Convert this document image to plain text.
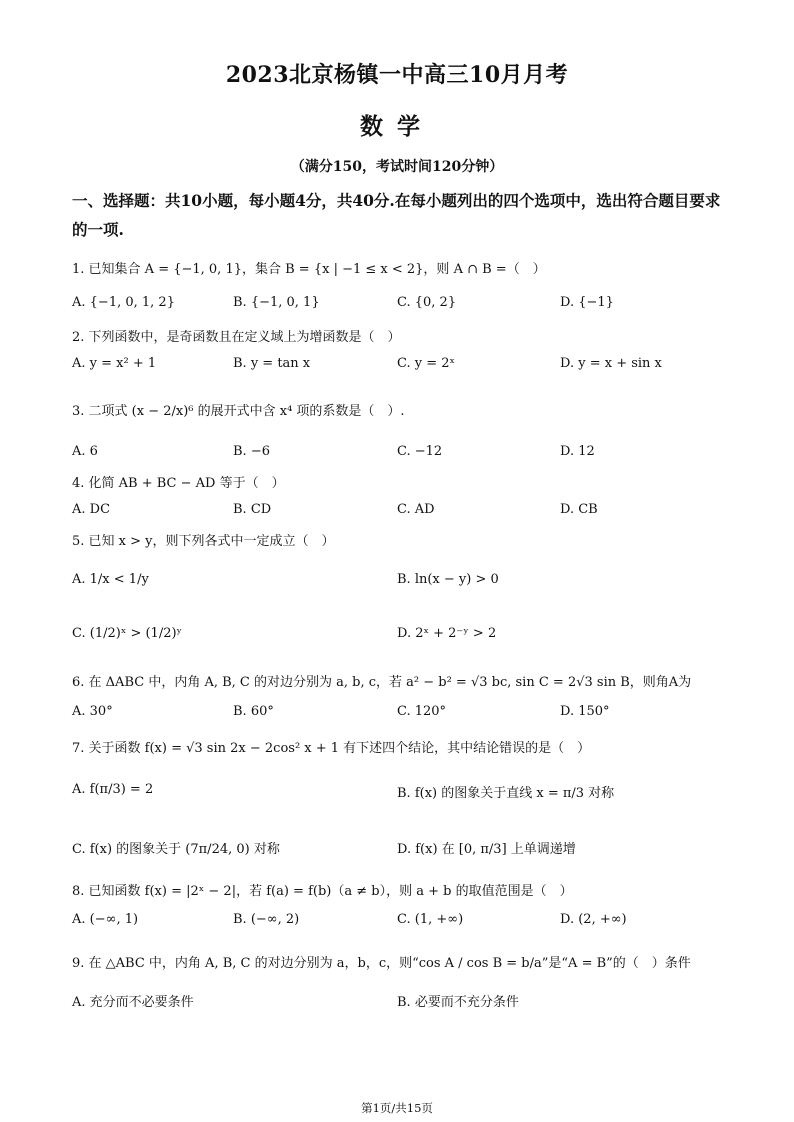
2023北京杨镇一中高三10月月考
数学
（满分150，考试时间120分钟）
一、选择题：共10小题，每小题4分，共40分.在每小题列出的四个选项中，选出符合题目要求的一项.
1. 已知集合 A = {−1, 0, 1}，集合 B = {x | −1 ≤ x < 2}，则 A ∩ B =（　）
A. {−1, 0, 1, 2}	B. {−1, 0, 1}	C. {0, 2}	D. {−1}
2. 下列函数中，是奇函数且在定义域上为增函数是（　）
A. y = x² + 1	B. y = tan x	C. y = 2ˣ	D. y = x + sin x
3. 二项式 (x − 2/x)⁶ 的展开式中含 x⁴ 项的系数是（　）.
A. 6	B. −6	C. −12	D. 12
4. 化简 AB + BC − AD 等于（　）
A. DC	B. CD	C. AD	D. CB
5. 已知 x > y，则下列各式中一定成立（　）
A. 1/x < 1/y	B. ln(x − y) > 0
C. (1/2)ˣ > (1/2)ʸ	D. 2ˣ + 2⁻ʸ > 2
6. 在 ΔABC 中，内角 A, B, C 的对边分别为 a, b, c，若 a² − b² = √3 bc, sin C = 2√3 sin B，则角A为
A. 30°	B. 60°	C. 120°	D. 150°
7. 关于函数 f(x) = √3 sin 2x − 2cos² x + 1 有下述四个结论，其中结论错误的是（　）
A. f(π/3) = 2	B. f(x) 的图象关于直线 x = π/3 对称
C. f(x) 的图象关于 (7π/24, 0) 对称	D. f(x) 在 [0, π/3] 上单调递增
8. 已知函数 f(x) = |2ˣ − 2|，若 f(a) = f(b)（a ≠ b），则 a + b 的取值范围是（　）
A. (−∞, 1)	B. (−∞, 2)	C. (1, +∞)	D. (2, +∞)
9. 在 △ABC 中，内角 A, B, C 的对边分别为 a，b，c，则“cos A / cos B = b/a”是“A = B”的（　）条件
A. 充分而不必要条件	B. 必要而不充分条件
第1页/共15页
